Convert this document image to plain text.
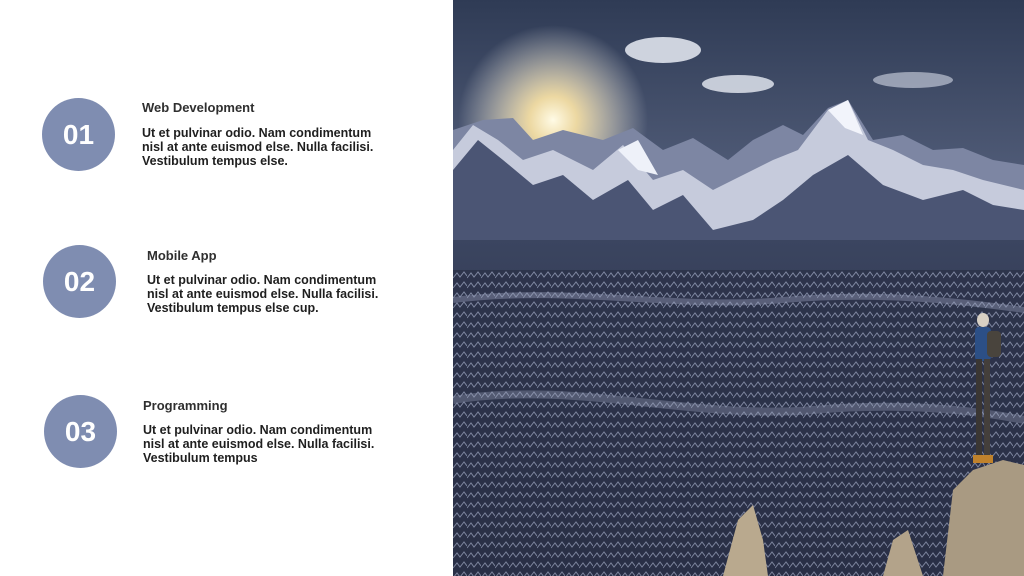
01
Web Development
Ut et pulvinar odio. Nam condimentum
nisl at ante euismod else. Nulla facilisi.
Vestibulum tempus else.
02
Mobile App
Ut et pulvinar odio. Nam condimentum
nisl at ante euismod else. Nulla facilisi.
Vestibulum tempus else cup.
03
Programming
Ut et pulvinar odio. Nam condimentum
nisl at ante euismod else. Nulla facilisi.
Vestibulum tempus
